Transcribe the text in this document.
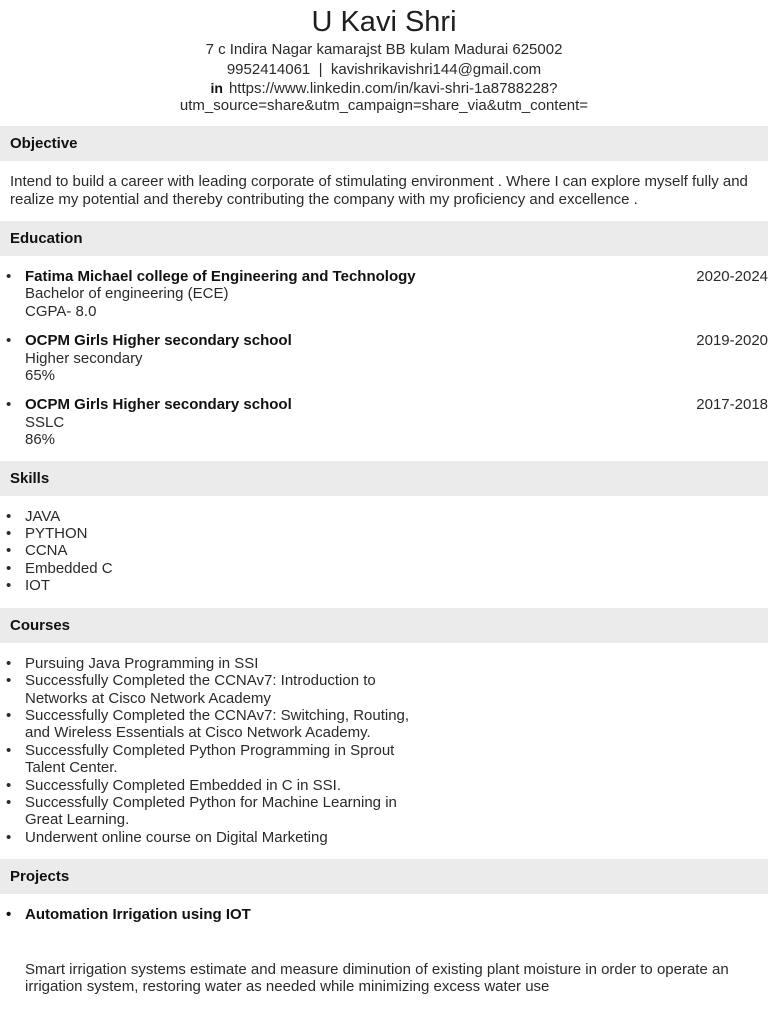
U Kavi Shri
7 c Indira Nagar kamarajst BB kulam Madurai 625002
9952414061 | kavishrikavishri144@gmail.com
in https://www.linkedin.com/in/kavi-shri-1a8788228?
utm_source=share&utm_campaign=share_via&utm_content=
Objective
Intend to build a career with leading corporate of stimulating environment . Where I can explore myself fully and realize my potential and thereby contributing the company with my proficiency and excellence .
Education
• Fatima Michael college of Engineering and Technology
Bachelor of engineering (ECE)
CGPA- 8.0
2020-2024
• OCPM Girls Higher secondary school
Higher secondary
65%
2019-2020
• OCPM Girls Higher secondary school
SSLC
86%
2017-2018
Skills
• JAVA
• PYTHON
• CCNA
• Embedded C
• IOT
Courses
• Pursuing Java Programming in SSI
• Successfully Completed the CCNAv7: Introduction to Networks at Cisco Network Academy
• Successfully Completed the CCNAv7: Switching, Routing, and Wireless Essentials at Cisco Network Academy.
• Successfully Completed Python Programming in Sprout Talent Center.
• Successfully Completed Embedded in C in SSI.
• Successfully Completed Python for Machine Learning in Great Learning.
• Underwent online course on Digital Marketing
Projects
• Automation Irrigation using IOT
Smart irrigation systems estimate and measure diminution of existing plant moisture in order to operate an irrigation system, restoring water as needed while minimizing excess water use
